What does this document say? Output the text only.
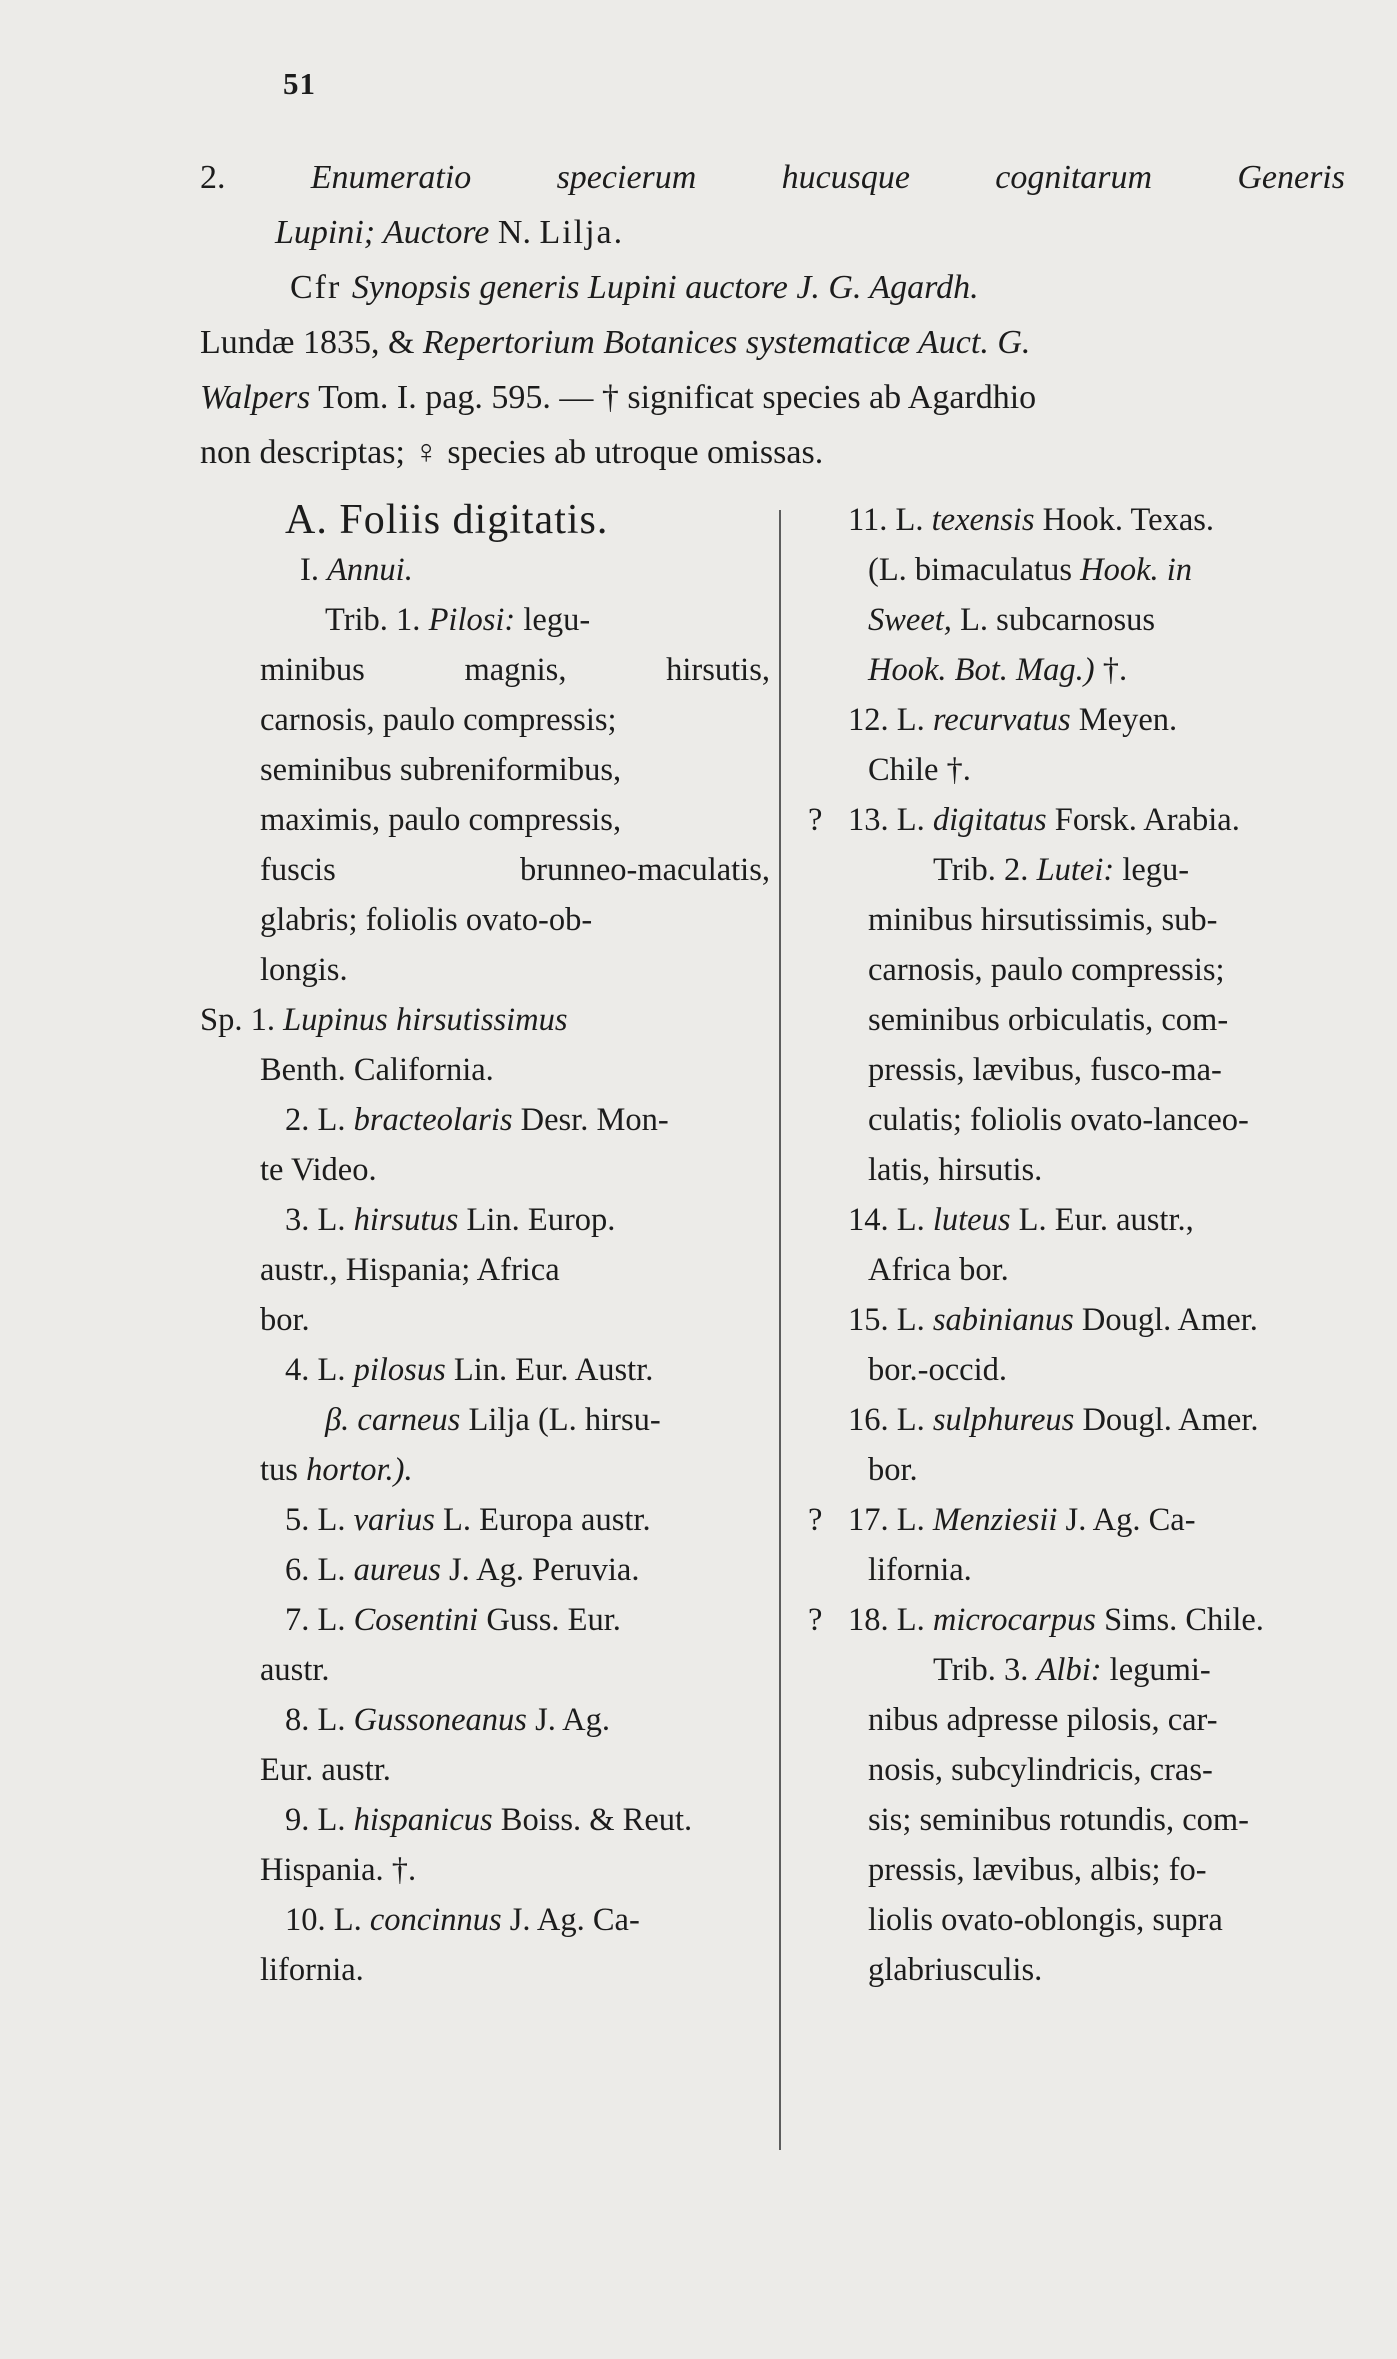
51
2.	Enumeratio	specierum	hucusque	cognitarum	Generis
Lupini; Auctore N. Lilja.
Cfr Synopsis generis Lupini auctore J. G. Agardh.
Lundæ 1835, & Repertorium Botanices systematicæ Auct. G.
Walpers Tom. I. pag. 595. — † significat species ab Agardhio
non descriptas; ♀ species ab utroque omissas.
A. Foliis digitatis.
I. Annui.
Trib. 1. Pilosi: legu-
minibus	magnis,	hirsutis,
carnosis, paulo compressis;
seminibus subreniformibus,
maximis, paulo compressis,
fuscis	brunneo-maculatis,
glabris; foliolis ovato-ob-
longis.
Sp. 1. Lupinus hirsutissimus
Benth. California.
2. L. bracteolaris Desr. Mon-
te Video.
3. L. hirsutus Lin. Europ.
austr., Hispania; Africa
bor.
4. L. pilosus Lin. Eur. Austr.
β. carneus Lilja (L. hirsu-
tus hortor.).
5. L. varius L. Europa austr.
6. L. aureus J. Ag. Peruvia.
7. L. Cosentini Guss. Eur.
austr.
8. L. Gussoneanus J. Ag.
Eur. austr.
9. L. hispanicus Boiss. & Reut.
Hispania. †.
10. L. concinnus J. Ag. Ca-
lifornia.
11. L. texensis Hook. Texas.
(L. bimaculatus Hook. in
Sweet, L. subcarnosus
Hook. Bot. Mag.) †.
12. L. recurvatus Meyen.
Chile †.
? 13. L. digitatus Forsk. Arabia.
Trib. 2. Lutei: legu-
minibus hirsutissimis, sub-
carnosis, paulo compressis;
seminibus orbiculatis, com-
pressis, lævibus, fusco-ma-
culatis; foliolis ovato-lanceo-
latis, hirsutis.
14. L. luteus L. Eur. austr.,
Africa bor.
15. L. sabinianus Dougl. Amer.
bor.-occid.
16. L. sulphureus Dougl. Amer.
bor.
? 17. L. Menziesii J. Ag. Ca-
lifornia.
? 18. L. microcarpus Sims. Chile.
Trib. 3. Albi: legumi-
nibus adpresse pilosis, car-
nosis, subcylindricis, cras-
sis; seminibus rotundis, com-
pressis, lævibus, albis; fo-
liolis ovato-oblongis, supra
glabriusculis.
